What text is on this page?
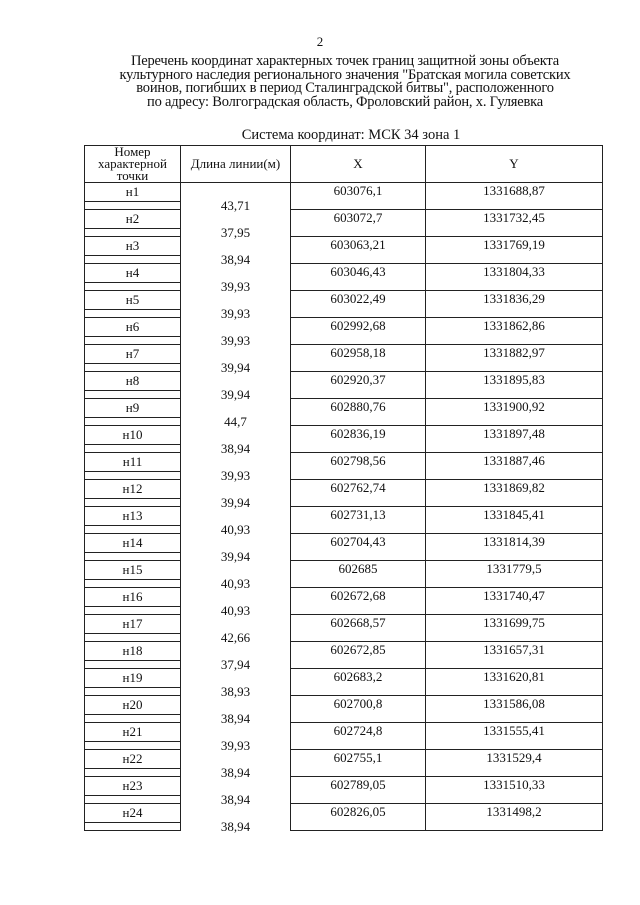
2
Перечень координат характерных точек границ защитной зоны объекта
культурного наследия регионального значения "Братская могила советских
воинов, погибших в период Сталинградской битвы", расположенного
по адресу: Волгоградская область, Фроловский район, х. Гуляевка
Система координат: МСК 34 зона 1
Номер характерной точки	Длина линии(м)	X	Y

н1	43,71	603076,1	1331688,87

н2	37,95	603072,7	1331732,45

н3	38,94	603063,21	1331769,19

н4	39,93	603046,43	1331804,33

н5	39,93	603022,49	1331836,29

н6	39,93	602992,68	1331862,86

н7	39,94	602958,18	1331882,97

н8	39,94	602920,37	1331895,83

н9	44,7	602880,76	1331900,92

н10	38,94	602836,19	1331897,48

н11	39,93	602798,56	1331887,46

н12	39,94	602762,74	1331869,82

н13	40,93	602731,13	1331845,41

н14	39,94	602704,43	1331814,39

н15	40,93	602685	1331779,5

н16	40,93	602672,68	1331740,47

н17	42,66	602668,57	1331699,75

н18	37,94	602672,85	1331657,31

н19	38,93	602683,2	1331620,81

н20	38,94	602700,8	1331586,08

н21	39,93	602724,8	1331555,41

н22	38,94	602755,1	1331529,4

н23	38,94	602789,05	1331510,33

н24	38,94	602826,05	1331498,2
